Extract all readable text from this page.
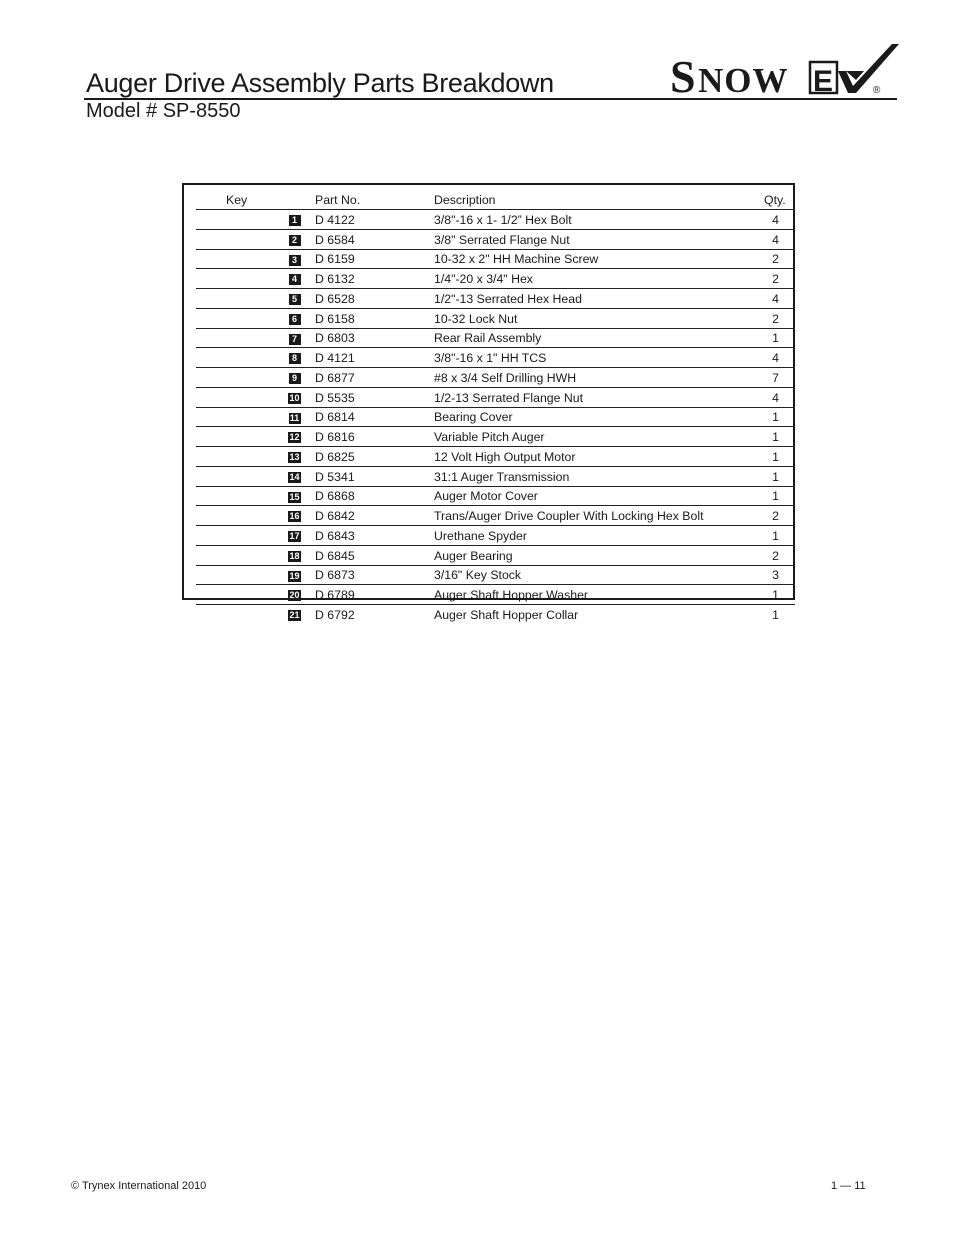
Auger Drive Assembly Parts Breakdown
Model # SP-8550
S NOW E	®
Key	Part No.	Description	Qty.
1	D 4122	3/8"-16 x 1- 1/2” Hex Bolt	4
2	D 6584	3/8" Serrated Flange Nut	4
3	D 6159	10-32 x 2" HH Machine Screw	2
4	D 6132	1/4"-20 x 3/4" Hex	2
5	D 6528	1/2"-13 Serrated Hex Head	4
6	D 6158	10-32 Lock Nut	2
7	D 6803	Rear Rail Assembly	1
8	D 4121	3/8"-16 x 1" HH TCS	4
9	D 6877	#8 x 3/4 Self Drilling HWH	7
10	D 5535	1/2-13 Serrated Flange Nut	4
11	D 6814	Bearing Cover	1
12	D 6816	Variable Pitch Auger	1
13	D 6825	12 Volt High Output Motor	1
14	D 5341	31:1 Auger Transmission	1
15	D 6868	Auger Motor Cover	1
16	D 6842	Trans/Auger Drive Coupler With Locking Hex Bolt	2
17	D 6843	Urethane Spyder	1
18	D 6845	Auger Bearing	2
19	D 6873	3/16" Key Stock	3
20	D 6789	Auger Shaft Hopper Washer	1
21	D 6792	Auger Shaft Hopper Collar	1
© Trynex International 2010	1 — 11
